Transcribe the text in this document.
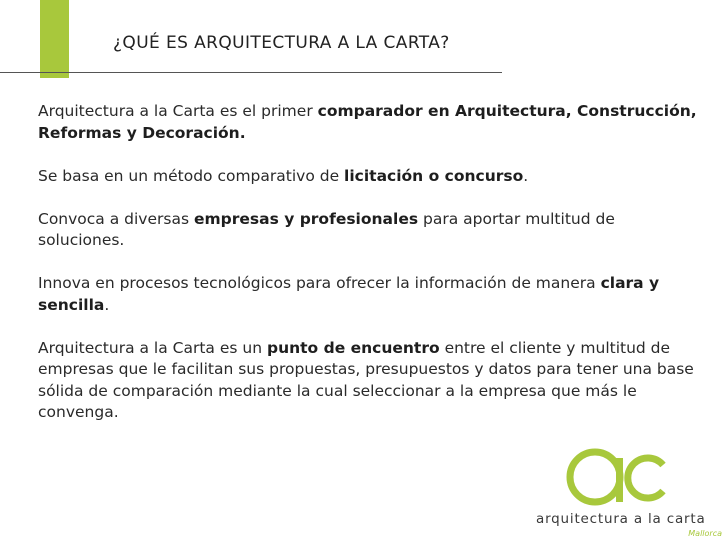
¿QUÉ ES ARQUITECTURA A LA CARTA?

Arquitectura a la Carta es el primer comparador en Arquitectura, Construcción, Reformas y Decoración.

Se basa en un método comparativo de licitación o concurso.

Convoca a diversas empresas y profesionales para aportar multitud de soluciones.

Innova en procesos tecnológicos para ofrecer la información de manera clara y sencilla.

Arquitectura a la Carta es un punto de encuentro entre el cliente y multitud de empresas que le facilitan sus propuestas, presupuestos y datos para tener una base sólida de comparación mediante la cual seleccionar a la empresa que más le convenga.

arquitectura a la carta
Mallorca
